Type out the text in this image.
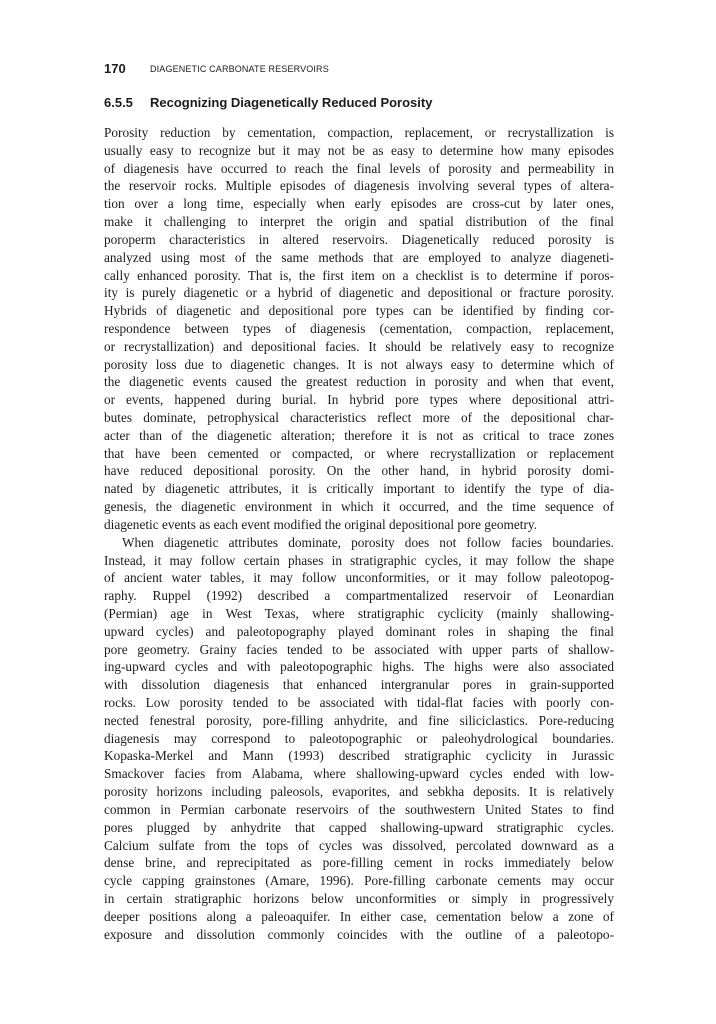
170	DIAGENETIC CARBONATE RESERVOIRS
6.5.5 Recognizing Diagenetically Reduced Porosity
Porosity reduction by cementation, compaction, replacement, or recrystallization is
usually easy to recognize but it may not be as easy to determine how many episodes
of diagenesis have occurred to reach the final levels of porosity and permeability in
the reservoir rocks. Multiple episodes of diagenesis involving several types of altera-
tion over a long time, especially when early episodes are cross-cut by later ones,
make it challenging to interpret the origin and spatial distribution of the final
poroperm characteristics in altered reservoirs. Diagenetically reduced porosity is
analyzed using most of the same methods that are employed to analyze diageneti-
cally enhanced porosity. That is, the first item on a checklist is to determine if poros-
ity is purely diagenetic or a hybrid of diagenetic and depositional or fracture porosity.
Hybrids of diagenetic and depositional pore types can be identified by finding cor-
respondence between types of diagenesis (cementation, compaction, replacement,
or recrystallization) and depositional facies. It should be relatively easy to recognize
porosity loss due to diagenetic changes. It is not always easy to determine which of
the diagenetic events caused the greatest reduction in porosity and when that event,
or events, happened during burial. In hybrid pore types where depositional attri-
butes dominate, petrophysical characteristics reflect more of the depositional char-
acter than of the diagenetic alteration; therefore it is not as critical to trace zones
that have been cemented or compacted, or where recrystallization or replacement
have reduced depositional porosity. On the other hand, in hybrid porosity domi-
nated by diagenetic attributes, it is critically important to identify the type of dia-
genesis, the diagenetic environment in which it occurred, and the time sequence of
diagenetic events as each event modified the original depositional pore geometry.
When diagenetic attributes dominate, porosity does not follow facies boundaries.
Instead, it may follow certain phases in stratigraphic cycles, it may follow the shape
of ancient water tables, it may follow unconformities, or it may follow paleotopog-
raphy. Ruppel (1992) described a compartmentalized reservoir of Leonardian
(Permian) age in West Texas, where stratigraphic cyclicity (mainly shallowing-
upward cycles) and paleotopography played dominant roles in shaping the final
pore geometry. Grainy facies tended to be associated with upper parts of shallow-
ing-upward cycles and with paleotopographic highs. The highs were also associated
with dissolution diagenesis that enhanced intergranular pores in grain-supported
rocks. Low porosity tended to be associated with tidal-flat facies with poorly con-
nected fenestral porosity, pore-filling anhydrite, and fine siliciclastics. Pore-reducing
diagenesis may correspond to paleotopographic or paleohydrological boundaries.
Kopaska-Merkel and Mann (1993) described stratigraphic cyclicity in Jurassic
Smackover facies from Alabama, where shallowing-upward cycles ended with low-
porosity horizons including paleosols, evaporites, and sebkha deposits. It is relatively
common in Permian carbonate reservoirs of the southwestern United States to find
pores plugged by anhydrite that capped shallowing-upward stratigraphic cycles.
Calcium sulfate from the tops of cycles was dissolved, percolated downward as a
dense brine, and reprecipitated as pore-filling cement in rocks immediately below
cycle capping grainstones (Amare, 1996). Pore-filling carbonate cements may occur
in certain stratigraphic horizons below unconformities or simply in progressively
deeper positions along a paleoaquifer. In either case, cementation below a zone of
exposure and dissolution commonly coincides with the outline of a paleotopo-
